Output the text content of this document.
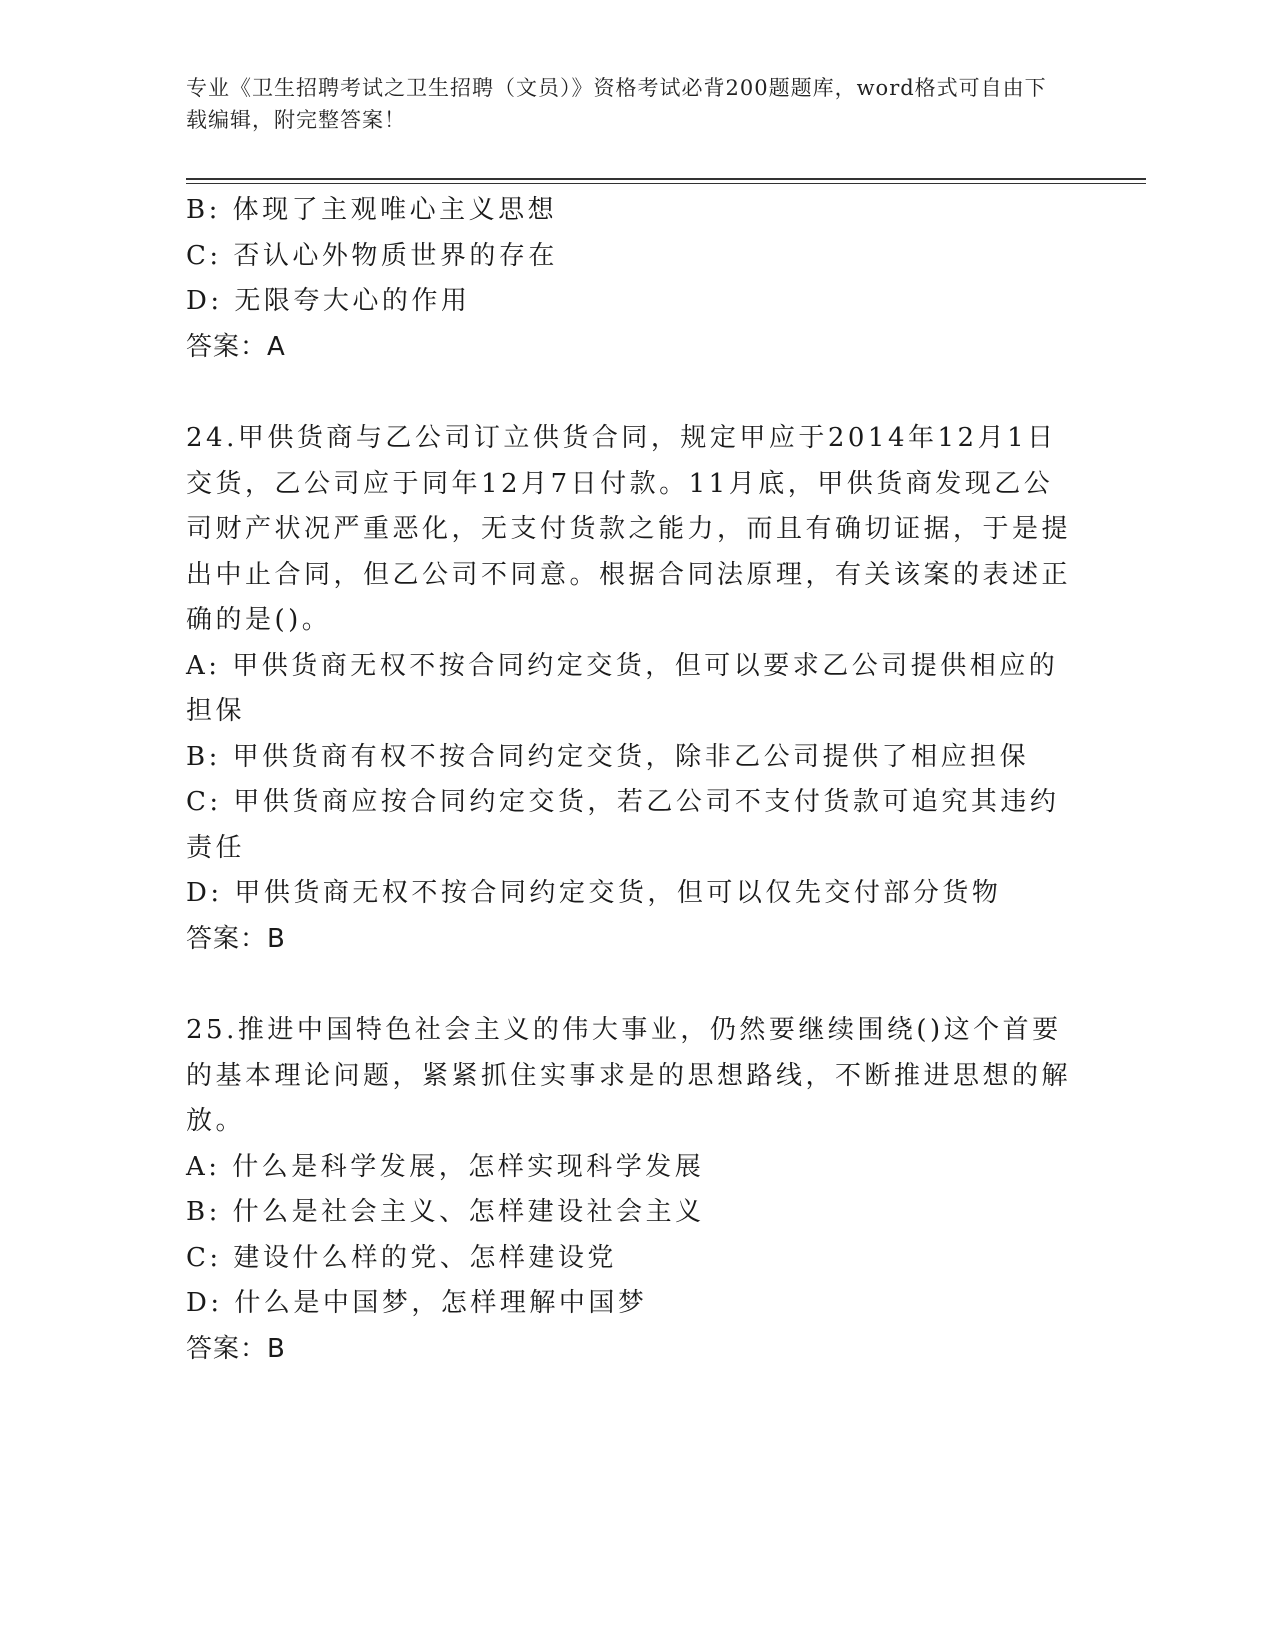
专业《卫生招聘考试之卫生招聘（文员）》资格考试必背200题题库，word格式可自由下载编辑，附完整答案！

B: 体现了主观唯心主义思想

C: 否认心外物质世界的存在

D: 无限夸大心的作用

答案：A

24.甲供货商与乙公司订立供货合同，规定甲应于2014年12月1日交货，乙公司应于同年12月7日付款。11月底，甲供货商发现乙公司财产状况严重恶化，无支付货款之能力，而且有确切证据，于是提出中止合同，但乙公司不同意。根据合同法原理，有关该案的表述正确的是()。

A: 甲供货商无权不按合同约定交货，但可以要求乙公司提供相应的担保

B: 甲供货商有权不按合同约定交货，除非乙公司提供了相应担保

C: 甲供货商应按合同约定交货，若乙公司不支付货款可追究其违约责任

D: 甲供货商无权不按合同约定交货，但可以仅先交付部分货物

答案：B

25.推进中国特色社会主义的伟大事业，仍然要继续围绕()这个首要的基本理论问题，紧紧抓住实事求是的思想路线，不断推进思想的解放。

A: 什么是科学发展，怎样实现科学发展

B: 什么是社会主义、怎样建设社会主义

C: 建设什么样的党、怎样建设党

D: 什么是中国梦，怎样理解中国梦

答案：B
